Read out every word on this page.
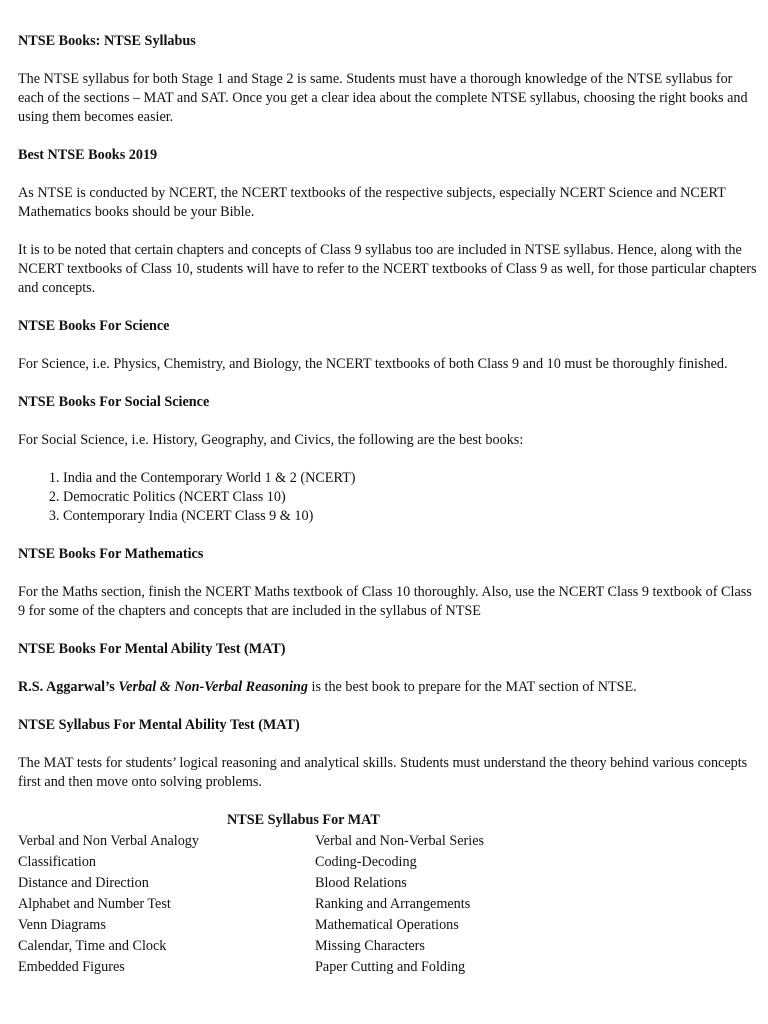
NTSE Books: NTSE Syllabus

The NTSE syllabus for both Stage 1 and Stage 2 is same. Students must have a thorough knowledge of the NTSE syllabus for each of the sections – MAT and SAT. Once you get a clear idea about the complete NTSE syllabus, choosing the right books and using them becomes easier.

Best NTSE Books 2019

As NTSE is conducted by NCERT, the NCERT textbooks of the respective subjects, especially NCERT Science and NCERT Mathematics books should be your Bible.

It is to be noted that certain chapters and concepts of Class 9 syllabus too are included in NTSE syllabus. Hence, along with the NCERT textbooks of Class 10, students will have to refer to the NCERT textbooks of Class 9 as well, for those particular chapters and concepts.

NTSE Books For Science

For Science, i.e. Physics, Chemistry, and Biology, the NCERT textbooks of both Class 9 and 10 must be thoroughly finished.

NTSE Books For Social Science

For Social Science, i.e. History, Geography, and Civics, the following are the best books:

1. India and the Contemporary World 1 & 2 (NCERT)
2. Democratic Politics (NCERT Class 10)
3. Contemporary India (NCERT Class 9 & 10)

NTSE Books For Mathematics

For the Maths section, finish the NCERT Maths textbook of Class 10 thoroughly. Also, use the NCERT Class 9 textbook of Class 9 for some of the chapters and concepts that are included in the syllabus of NTSE

NTSE Books For Mental Ability Test (MAT)

R.S. Aggarwal’s Verbal & Non-Verbal Reasoning is the best book to prepare for the MAT section of NTSE.

NTSE Syllabus For Mental Ability Test (MAT)

The MAT tests for students’ logical reasoning and analytical skills. Students must understand the theory behind various concepts first and then move onto solving problems.

NTSE Syllabus For MAT

Verbal and Non Verbal Analogy	Verbal and Non-Verbal Series
Classification	Coding-Decoding
Distance and Direction	Blood Relations
Alphabet and Number Test	Ranking and Arrangements
Venn Diagrams	Mathematical Operations
Calendar, Time and Clock	Missing Characters
Embedded Figures	Paper Cutting and Folding
